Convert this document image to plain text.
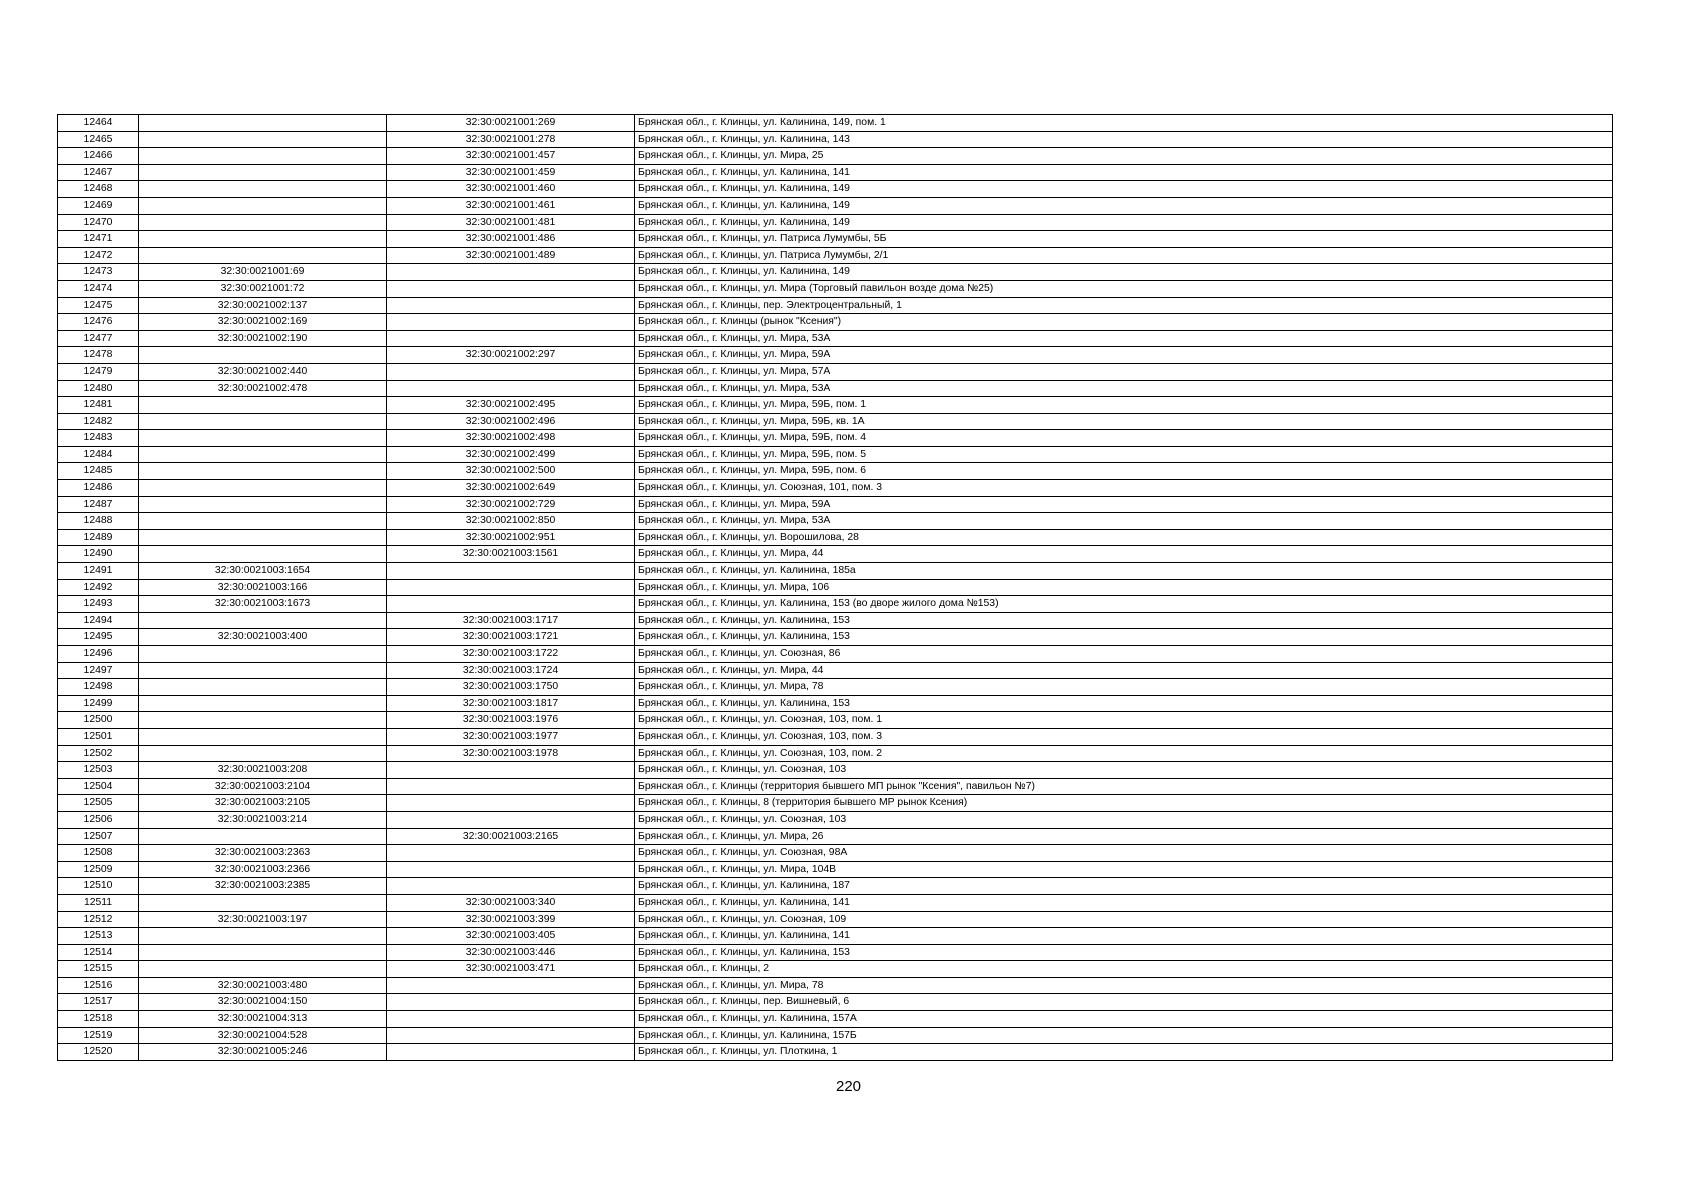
12464		32:30:0021001:269	Брянская обл., г. Клинцы, ул. Калинина, 149, пом. 1
12465		32:30:0021001:278	Брянская обл., г. Клинцы, ул. Калинина, 143
12466		32:30:0021001:457	Брянская обл., г. Клинцы, ул. Мира, 25
12467		32:30:0021001:459	Брянская обл., г. Клинцы, ул. Калинина, 141
12468		32:30:0021001:460	Брянская обл., г. Клинцы, ул. Калинина, 149
12469		32:30:0021001:461	Брянская обл., г. Клинцы, ул. Калинина, 149
12470		32:30:0021001:481	Брянская обл., г. Клинцы, ул. Калинина, 149
12471		32:30:0021001:486	Брянская обл., г. Клинцы, ул. Патриса Лумумбы, 5Б
12472		32:30:0021001:489	Брянская обл., г. Клинцы, ул. Патриса Лумумбы, 2/1
12473	32:30:0021001:69		Брянская обл., г. Клинцы, ул. Калинина, 149
12474	32:30:0021001:72		Брянская обл., г. Клинцы, ул. Мира (Торговый павильон возде дома №25)
12475	32:30:0021002:137		Брянская обл., г. Клинцы, пер. Электроцентральный, 1
12476	32:30:0021002:169		Брянская обл., г. Клинцы (рынок "Ксения")
12477	32:30:0021002:190		Брянская обл., г. Клинцы, ул. Мира, 53А
12478		32:30:0021002:297	Брянская обл., г. Клинцы, ул. Мира, 59А
12479	32:30:0021002:440		Брянская обл., г. Клинцы, ул. Мира, 57А
12480	32:30:0021002:478		Брянская обл., г. Клинцы, ул. Мира, 53А
12481		32:30:0021002:495	Брянская обл., г. Клинцы, ул. Мира, 59Б, пом. 1
12482		32:30:0021002:496	Брянская обл., г. Клинцы, ул. Мира, 59Б, кв. 1А
12483		32:30:0021002:498	Брянская обл., г. Клинцы, ул. Мира, 59Б, пом. 4
12484		32:30:0021002:499	Брянская обл., г. Клинцы, ул. Мира, 59Б, пом. 5
12485		32:30:0021002:500	Брянская обл., г. Клинцы, ул. Мира, 59Б, пом. 6
12486		32:30:0021002:649	Брянская обл., г. Клинцы, ул. Союзная, 101, пом. 3
12487		32:30:0021002:729	Брянская обл., г. Клинцы, ул. Мира, 59А
12488		32:30:0021002:850	Брянская обл., г. Клинцы, ул. Мира, 53А
12489		32:30:0021002:951	Брянская обл., г. Клинцы, ул. Ворошилова, 28
12490		32:30:0021003:1561	Брянская обл., г. Клинцы, ул. Мира, 44
12491	32:30:0021003:1654		Брянская обл., г. Клинцы, ул. Калинина, 185а
12492	32:30:0021003:166		Брянская обл., г. Клинцы, ул. Мира, 106
12493	32:30:0021003:1673		Брянская обл., г. Клинцы, ул. Калинина, 153 (во дворе жилого дома №153)
12494		32:30:0021003:1717	Брянская обл., г. Клинцы, ул. Калинина, 153
12495	32:30:0021003:400	32:30:0021003:1721	Брянская обл., г. Клинцы, ул. Калинина, 153
12496		32:30:0021003:1722	Брянская обл., г. Клинцы, ул. Союзная, 86
12497		32:30:0021003:1724	Брянская обл., г. Клинцы, ул. Мира, 44
12498		32:30:0021003:1750	Брянская обл., г. Клинцы, ул. Мира, 78
12499		32:30:0021003:1817	Брянская обл., г. Клинцы, ул. Калинина, 153
12500		32:30:0021003:1976	Брянская обл., г. Клинцы, ул. Союзная, 103, пом. 1
12501		32:30:0021003:1977	Брянская обл., г. Клинцы, ул. Союзная, 103, пом. 3
12502		32:30:0021003:1978	Брянская обл., г. Клинцы, ул. Союзная, 103, пом. 2
12503	32:30:0021003:208		Брянская обл., г. Клинцы, ул. Союзная, 103
12504	32:30:0021003:2104		Брянская обл., г. Клинцы (территория бывшего МП рынок "Ксения", павильон №7)
12505	32:30:0021003:2105		Брянская обл., г. Клинцы, 8 (территория бывшего МР рынок Ксения)
12506	32:30:0021003:214		Брянская обл., г. Клинцы, ул. Союзная, 103
12507		32:30:0021003:2165	Брянская обл., г. Клинцы, ул. Мира, 26
12508	32:30:0021003:2363		Брянская обл., г. Клинцы, ул. Союзная, 98А
12509	32:30:0021003:2366		Брянская обл., г. Клинцы, ул. Мира, 104В
12510	32:30:0021003:2385		Брянская обл., г. Клинцы, ул. Калинина, 187
12511		32:30:0021003:340	Брянская обл., г. Клинцы, ул. Калинина, 141
12512	32:30:0021003:197	32:30:0021003:399	Брянская обл., г. Клинцы, ул. Союзная, 109
12513		32:30:0021003:405	Брянская обл., г. Клинцы, ул. Калинина, 141
12514		32:30:0021003:446	Брянская обл., г. Клинцы, ул. Калинина, 153
12515		32:30:0021003:471	Брянская обл., г. Клинцы, 2
12516	32:30:0021003:480		Брянская обл., г. Клинцы, ул. Мира, 78
12517	32:30:0021004:150		Брянская обл., г. Клинцы, пер. Вишневый, 6
12518	32:30:0021004:313		Брянская обл., г. Клинцы, ул. Калинина, 157А
12519	32:30:0021004:528		Брянская обл., г. Клинцы, ул. Калинина, 157Б
12520	32:30:0021005:246		Брянская обл., г. Клинцы, ул. Плоткина, 1
220
